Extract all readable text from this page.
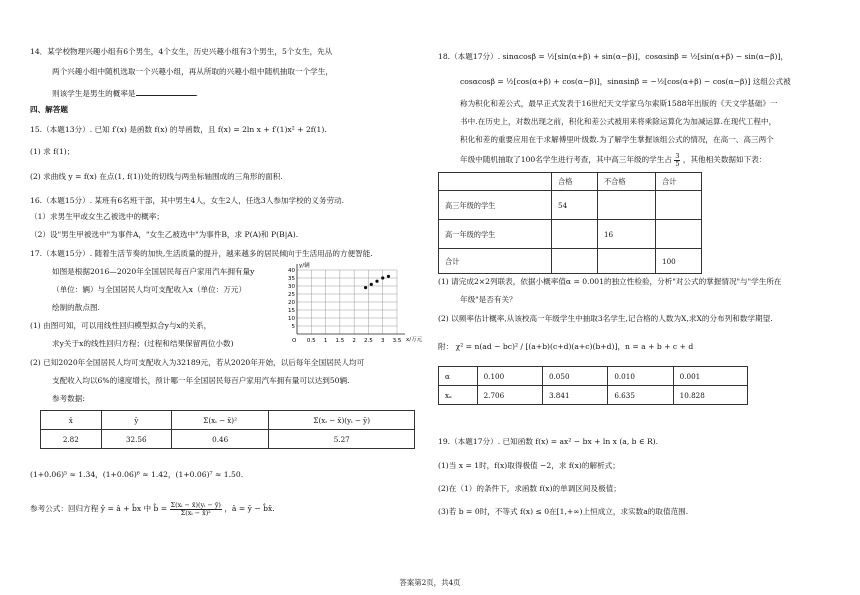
14．某学校物理兴趣小组有6个男生，4个女生，历史兴趣小组有3个男生，5个女生，先从
两个兴趣小组中随机选取一个兴趣小组，再从所取的兴趣小组中随机抽取一个学生，
则该学生是男生的概率是	.
四、解答题
15.（本题13分）. 已知 f′(x) 是函数 f(x) 的导函数，且 f(x) = 2ln x + f′(1)x² + 2f(1).
(1) 求 f(1)；
(2) 求曲线 y = f(x) 在点(1, f(1))处的切线与两坐标轴围成的三角形的面积.
16.（本题15分）. 某班有6名班干部，其中男生4人，女生2人，任选3人参加学校的义务劳动.
（1）求男生甲或女生乙被选中的概率；
（2）设"男生甲被选中"为事件A，"女生乙被选中"为事件B，求 P(A)和 P(B|A).
17.（本题15分）. 随着生活节奏的加快,生活质量的提升，越来越多的居民倾向于生活用品的方便智能.
如图是根据2016—2020年全国居民每百户家用汽车拥有量y
（单位：辆）与全国居民人均可支配收入x（单位：万元）
绘制的散点图.
(1) 由图可知，可以用线性回归模型拟合y与x的关系，
求y关于x的线性回归方程；(过程和结果保留两位小数)
(2) 已知2020年全国居民人均可支配收入为32189元，若从2020年开始，以后每年全国居民人均可
支配收入均以6%的速度增长，预计哪一年全国居民每百户家用汽车拥有量可以达到50辆.
参考数据:
x̄	ȳ	Σ(xᵢ − x̄)²	Σ(xᵢ − x̄)(yᵢ − ȳ)
2.82	32.56	0.46	5.27
(1+0.06)⁵ ≈ 1.34，(1+0.06)⁶ ≈ 1.42，(1+0.06)⁷ ≈ 1.50.
参考公式：回归方程 ŷ = â + b̂x 中 b̂ = $\frac{\text{Σ(xᵢ − x̄)(yᵢ − ȳ)}}{\text{Σ(xᵢ − x̄)²}}$ ，â = ȳ − b̂x̄.
O 0.5 1 1.5 2 2.5 3 3.5
5
10
15
20
25
30
35
40
x/万元
y/辆
18.（本题17分）. sinαcosβ = ½[sin(α+β) + sin(α−β)]，cosαsinβ = ½[sin(α+β) − sin(α−β)]，
cosαcosβ = ½[cos(α+β) + cos(α−β)]，sinαsinβ = −½[cos(α+β) − cos(α−β)] 这组公式被
称为积化和差公式，最早正式发表于16世纪天文学家乌尔索斯1588年出版的《天文学基础》一
书中.在历史上，对数出现之前，积化和差公式被用来将乘除运算化为加减运算.在现代工程中，
积化和差的重要应用在于求解傅里叶级数.为了解学生掌握该组公式的情况，在高一、高三两个
年级中随机抽取了100名学生进行考查，其中高三年级的学生占 $\frac{3}{5}$ ，其他相关数据如下表：
	合格	不合格	合计
高三年级的学生	54		
高一年级的学生		16	
合计			100
(1) 请完成2×2列联表，依据小概率值α = 0.001的独立性检验，分析"对公式的掌握情况"与"学生所在
年级"是否有关？
(2) 以频率估计概率,从该校高一年级学生中抽取3名学生,记合格的人数为X,求X的分布列和数学期望.
附： χ² = n(ad − bc)² / [(a+b)(c+d)(a+c)(b+d)]，n = a + b + c + d
α	0.100	0.050	0.010	0.001
xₐ	2.706	3.841	6.635	10.828
19.（本题17分）. 已知函数 f(x) = ax² − bx + ln x (a, b ∈ R).
(1)当 x = 1时，f(x)取得极值 −2，求 f(x)的解析式；
(2)在（1）的条件下，求函数 f(x)的单调区间及极值；
(3)若 b = 0时，不等式 f(x) ≤ 0在[1,+∞)上恒成立，求实数a的取值范围.
答案第2页，共4页
